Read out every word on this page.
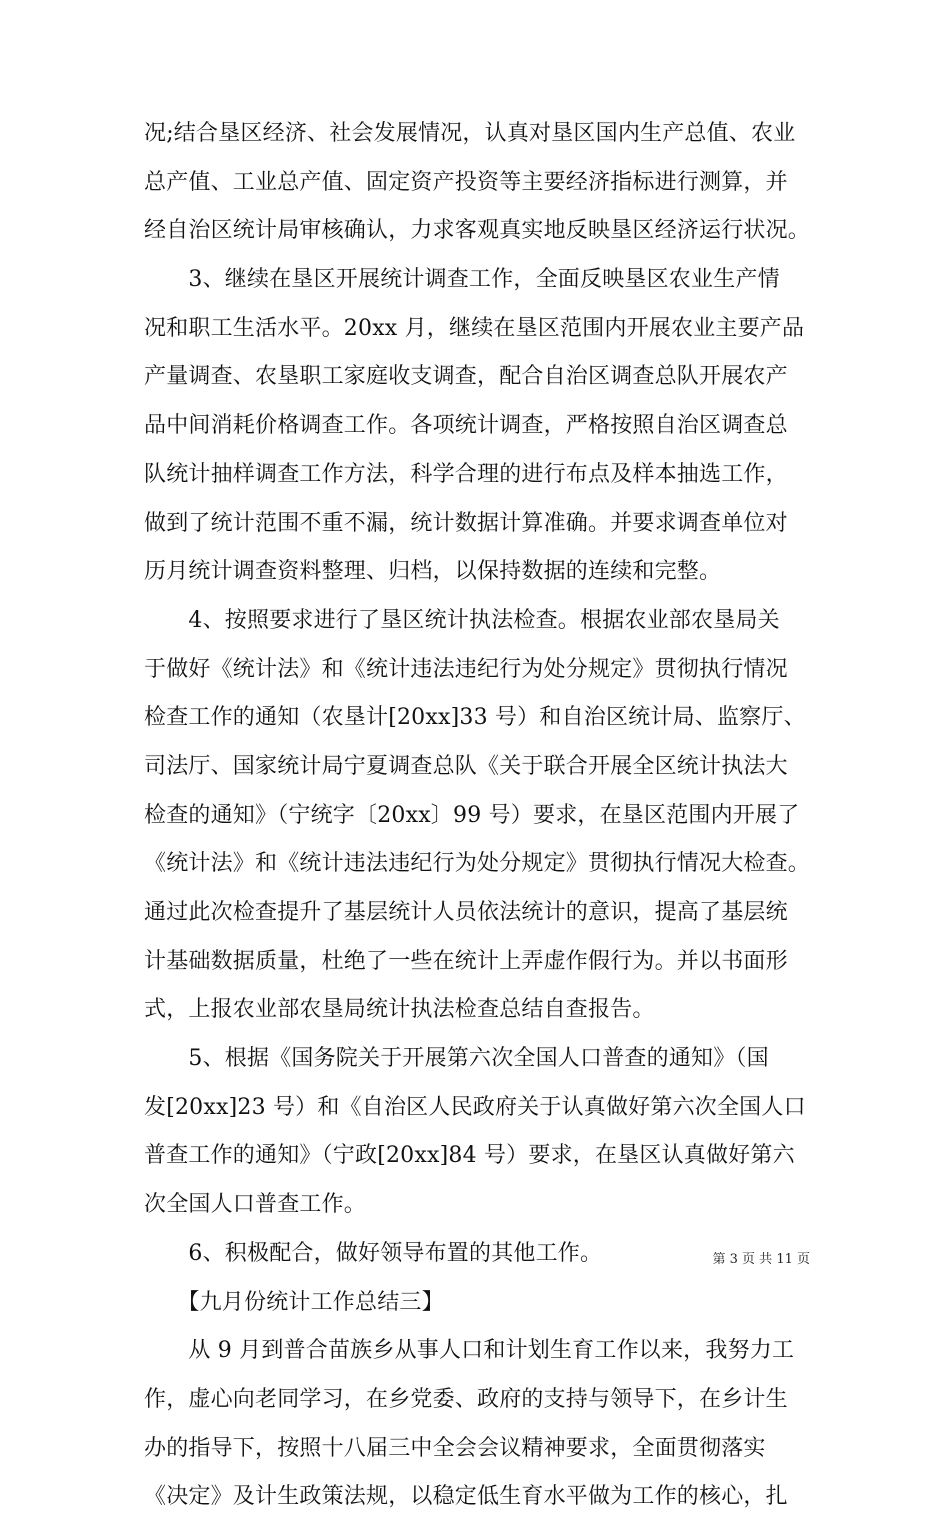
况;结合垦区经济、社会发展情况，认真对垦区国内生产总值、农业
总产值、工业总产值、固定资产投资等主要经济指标进行测算，并
经自治区统计局审核确认，力求客观真实地反映垦区经济运行状况。
　　3、继续在垦区开展统计调查工作，全面反映垦区农业生产情
况和职工生活水平。20xx 月，继续在垦区范围内开展农业主要产品
产量调查、农垦职工家庭收支调查，配合自治区调查总队开展农产
品中间消耗价格调查工作。各项统计调查，严格按照自治区调查总
队统计抽样调查工作方法，科学合理的进行布点及样本抽选工作，
做到了统计范围不重不漏，统计数据计算准确。并要求调查单位对
历月统计调查资料整理、归档，以保持数据的连续和完整。
　　4、按照要求进行了垦区统计执法检查。根据农业部农垦局关
于做好《统计法》和《统计违法违纪行为处分规定》贯彻执行情况
检查工作的通知（农垦计[20xx]33 号）和自治区统计局、监察厅、
司法厅、国家统计局宁夏调查总队《关于联合开展全区统计执法大
检查的通知》（宁统字〔20xx〕99 号）要求，在垦区范围内开展了
《统计法》和《统计违法违纪行为处分规定》贯彻执行情况大检查。
通过此次检查提升了基层统计人员依法统计的意识，提高了基层统
计基础数据质量，杜绝了一些在统计上弄虚作假行为。并以书面形
式，上报农业部农垦局统计执法检查总结自查报告。
　　5、根据《国务院关于开展第六次全国人口普查的通知》（国
发[20xx]23 号）和《自治区人民政府关于认真做好第六次全国人口
普查工作的通知》（宁政[20xx]84 号）要求，在垦区认真做好第六
次全国人口普查工作。
　　6、积极配合，做好领导布置的其他工作。
　　【九月份统计工作总结三】
　　从 9 月到普合苗族乡从事人口和计划生育工作以来，我努力工
作，虚心向老同学习，在乡党委、政府的支持与领导下，在乡计生
办的指导下，按照十八届三中全会会议精神要求，全面贯彻落实
《决定》及计生政策法规，以稳定低生育水平做为工作的核心，扎
第 3 页 共 11 页
